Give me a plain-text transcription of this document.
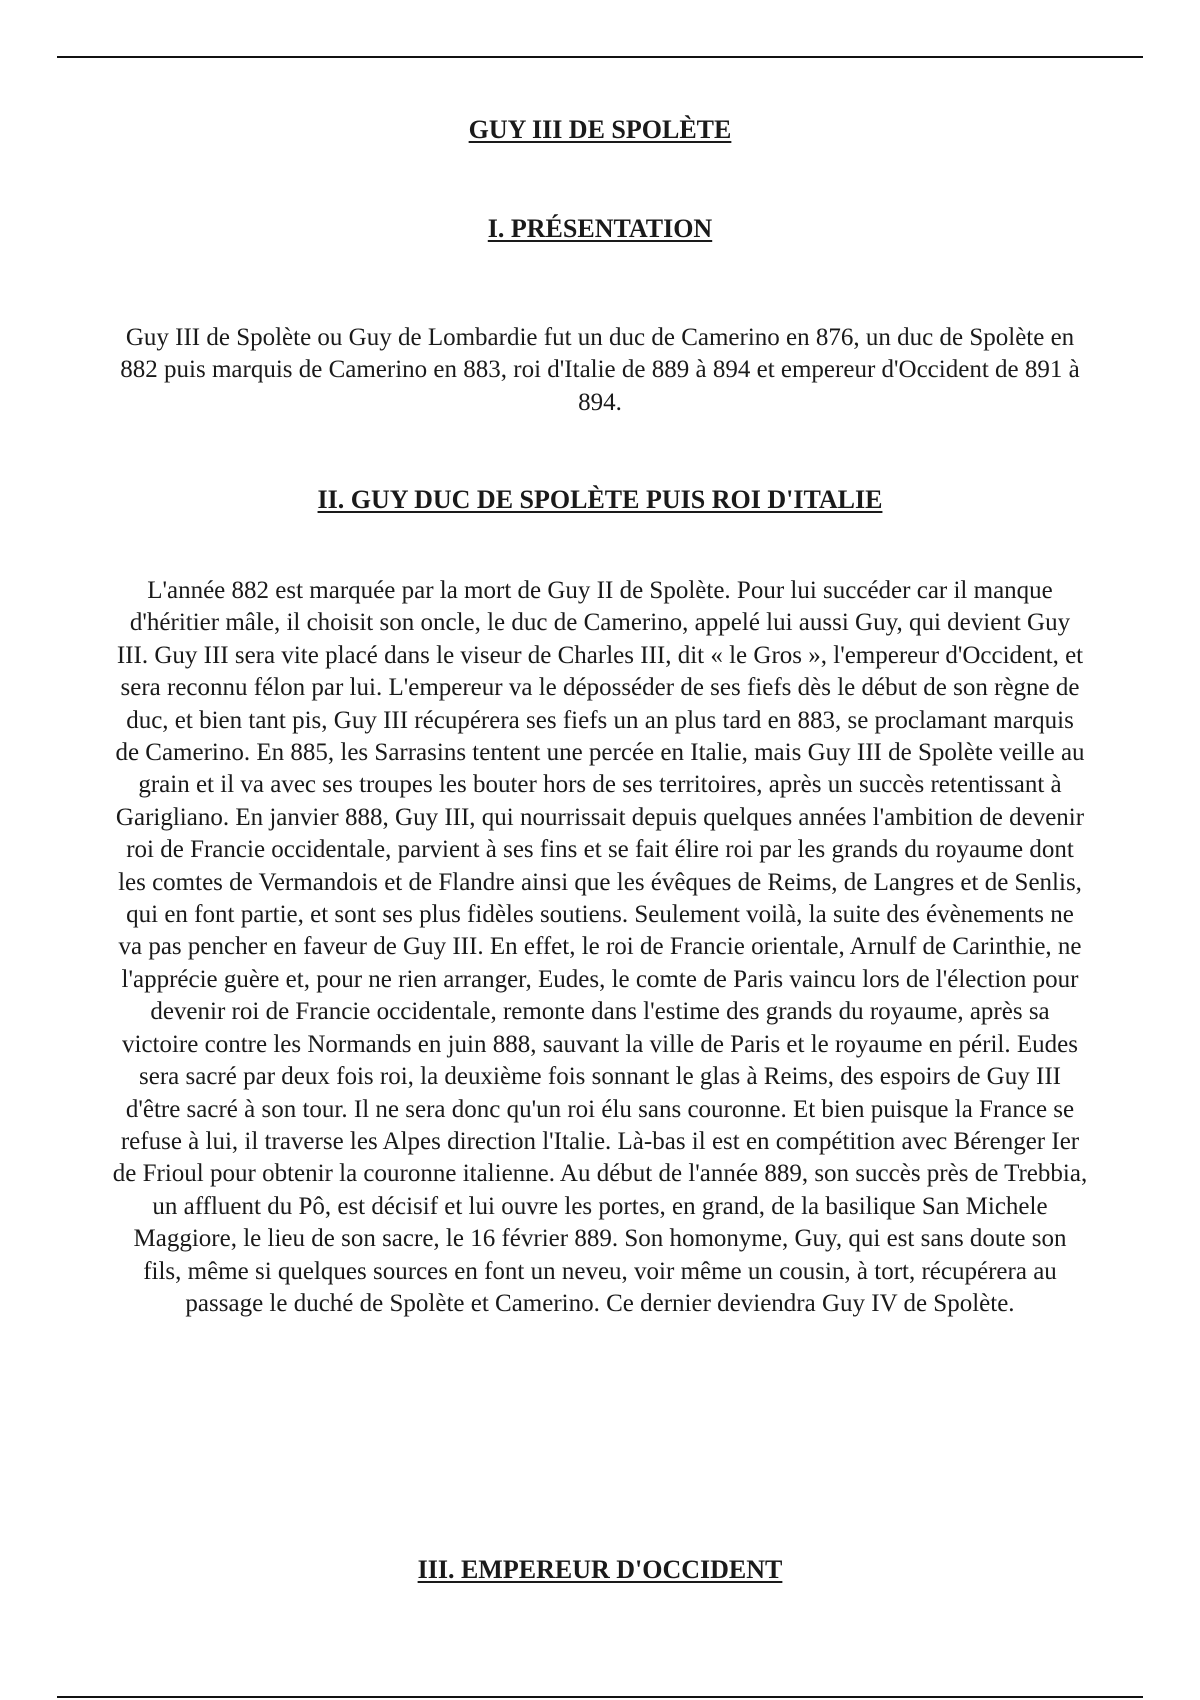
GUY III DE SPOLÈTE
I. PRÉSENTATION

Guy III de Spolète ou Guy de Lombardie fut un duc de Camerino en 876, un duc de Spolète en 882 puis marquis de Camerino en 883, roi d'Italie de 889 à 894 et empereur d'Occident de 891 à 894.

II. GUY DUC DE SPOLÈTE PUIS ROI D'ITALIE

L'année 882 est marquée par la mort de Guy II de Spolète. Pour lui succéder car il manque d'héritier mâle, il choisit son oncle, le duc de Camerino, appelé lui aussi Guy, qui devient Guy III. Guy III sera vite placé dans le viseur de Charles III, dit « le Gros », l'empereur d'Occident, et sera reconnu félon par lui. L'empereur va le déposséder de ses fiefs dès le début de son règne de duc, et bien tant pis, Guy III récupérera ses fiefs un an plus tard en 883, se proclamant marquis de Camerino. En 885, les Sarrasins tentent une percée en Italie, mais Guy III de Spolète veille au grain et il va avec ses troupes les bouter hors de ses territoires, après un succès retentissant à Garigliano. En janvier 888, Guy III, qui nourrissait depuis quelques années l'ambition de devenir roi de Francie occidentale, parvient à ses fins et se fait élire roi par les grands du royaume dont les comtes de Vermandois et de Flandre ainsi que les évêques de Reims, de Langres et de Senlis, qui en font partie, et sont ses plus fidèles soutiens. Seulement voilà, la suite des évènements ne va pas pencher en faveur de Guy III. En effet, le roi de Francie orientale, Arnulf de Carinthie, ne l'apprécie guère et, pour ne rien arranger, Eudes, le comte de Paris vaincu lors de l'élection pour devenir roi de Francie occidentale, remonte dans l'estime des grands du royaume, après sa victoire contre les Normands en juin 888, sauvant la ville de Paris et le royaume en péril. Eudes sera sacré par deux fois roi, la deuxième fois sonnant le glas à Reims, des espoirs de Guy III d'être sacré à son tour. Il ne sera donc qu'un roi élu sans couronne. Et bien puisque la France se refuse à lui, il traverse les Alpes direction l'Italie. Là-bas il est en compétition avec Bérenger Ier de Frioul pour obtenir la couronne italienne. Au début de l'année 889, son succès près de Trebbia, un affluent du Pô, est décisif et lui ouvre les portes, en grand, de la basilique San Michele Maggiore, le lieu de son sacre, le 16 février 889. Son homonyme, Guy, qui est sans doute son fils, même si quelques sources en font un neveu, voir même un cousin, à tort, récupérera au passage le duché de Spolète et Camerino. Ce dernier deviendra Guy IV de Spolète.

III. EMPEREUR D'OCCIDENT
